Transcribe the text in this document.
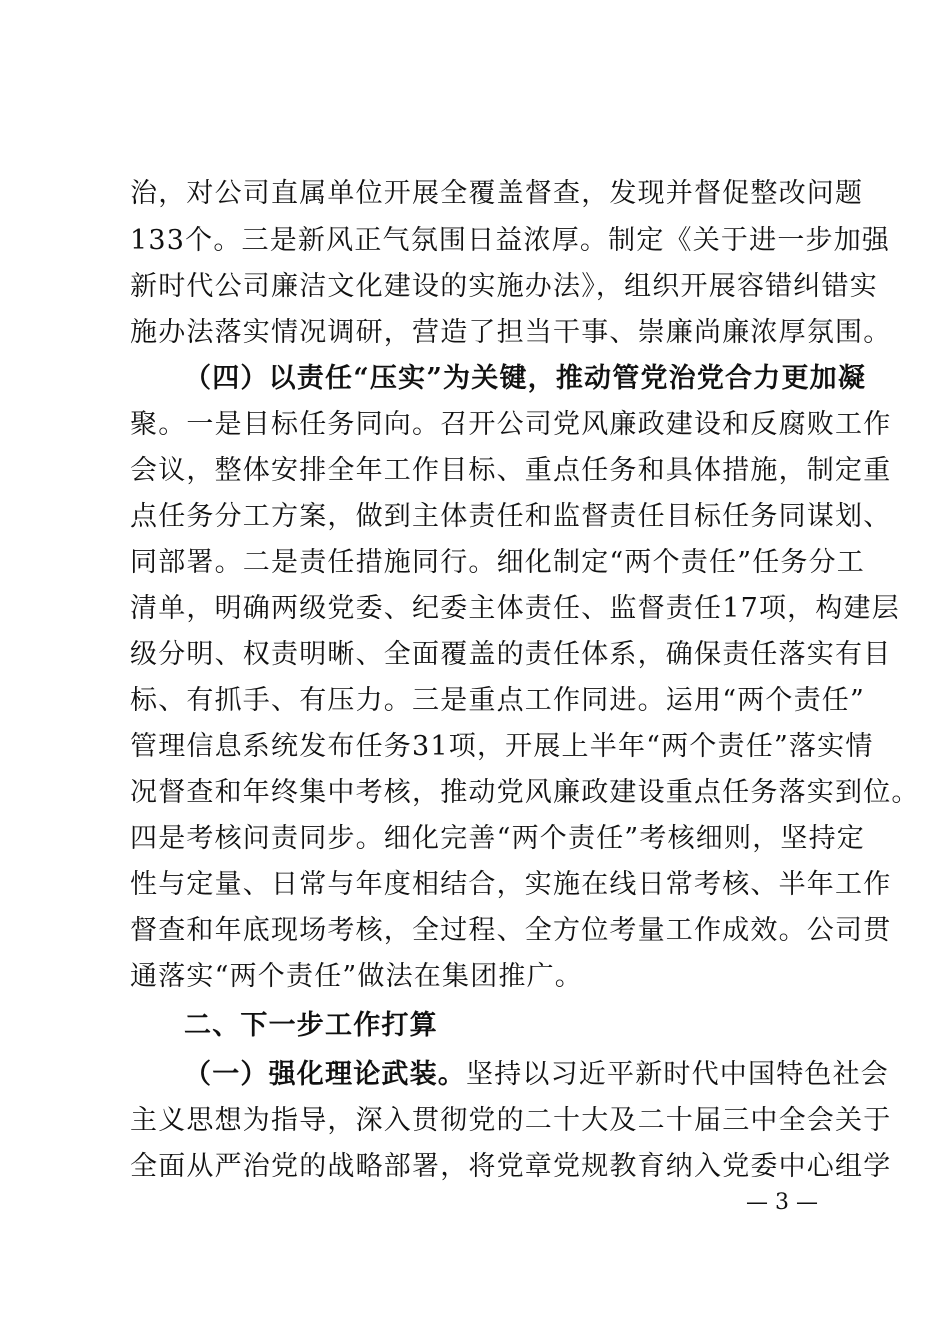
治，对公司直属单位开展全覆盖督查，发现并督促整改问题
133个。三是新风正气氛围日益浓厚。制定《关于进一步加强
新时代公司廉洁文化建设的实施办法》，组织开展容错纠错实
施办法落实情况调研，营造了担当干事、崇廉尚廉浓厚氛围。
（四）以责任“压实”为关键，推动管党治党合力更加凝
聚。一是目标任务同向。召开公司党风廉政建设和反腐败工作
会议，整体安排全年工作目标、重点任务和具体措施，制定重
点任务分工方案，做到主体责任和监督责任目标任务同谋划、
同部署。二是责任措施同行。细化制定“两个责任”任务分工
清单，明确两级党委、纪委主体责任、监督责任17项，构建层
级分明、权责明晰、全面覆盖的责任体系，确保责任落实有目
标、有抓手、有压力。三是重点工作同进。运用“两个责任”
管理信息系统发布任务31项，开展上半年“两个责任”落实情
况督查和年终集中考核，推动党风廉政建设重点任务落实到位。
四是考核问责同步。细化完善“两个责任”考核细则，坚持定
性与定量、日常与年度相结合，实施在线日常考核、半年工作
督查和年底现场考核，全过程、全方位考量工作成效。公司贯
通落实“两个责任”做法在集团推广。
二、下一步工作打算
（一）强化理论武装。坚持以习近平新时代中国特色社会
主义思想为指导，深入贯彻党的二十大及二十届三中全会关于
全面从严治党的战略部署，将党章党规教育纳入党委中心组学
— 3 —
